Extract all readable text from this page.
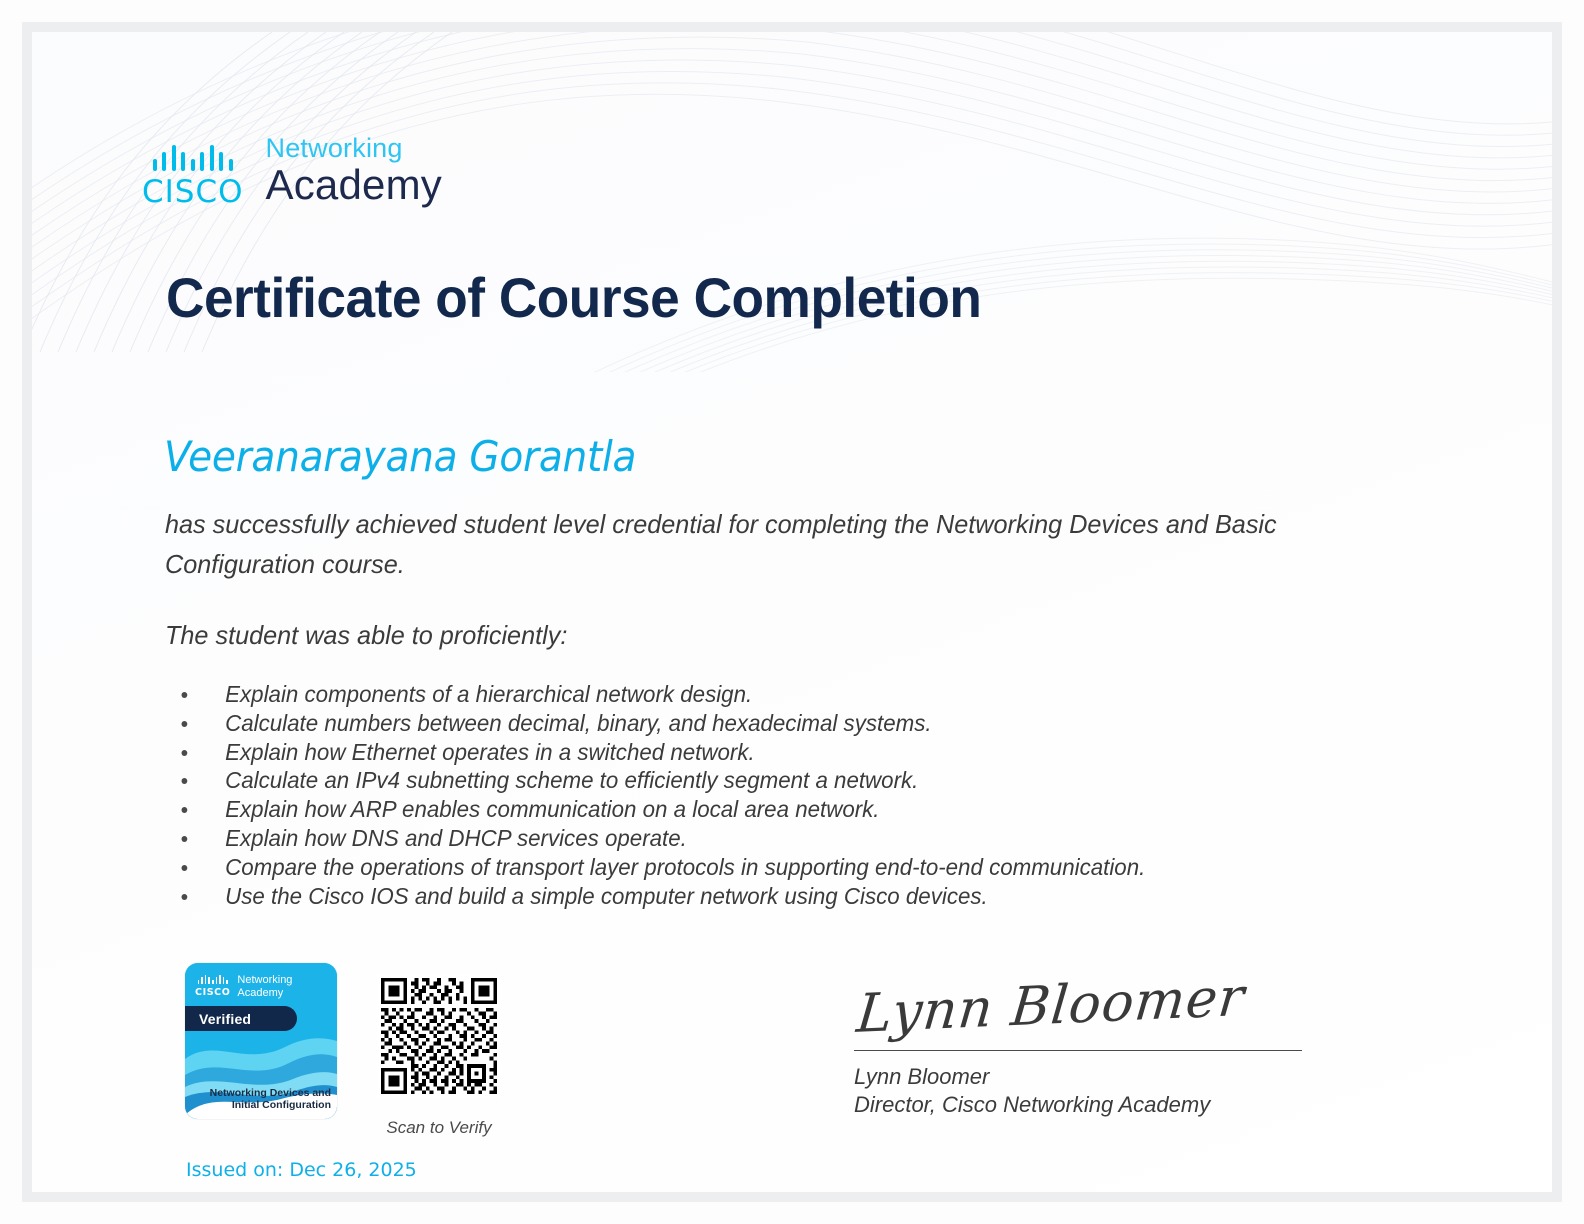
CISCO
Networking
Academy
Certificate of Course Completion
Veeranarayana Gorantla
has successfully achieved student level credential for completing the Networking Devices and Basic Configuration course.
The student was able to proficiently:
Explain components of a hierarchical network design.
Calculate numbers between decimal, binary, and hexadecimal systems.
Explain how Ethernet operates in a switched network.
Calculate an IPv4 subnetting scheme to efficiently segment a network.
Explain how ARP enables communication on a local area network.
Explain how DNS and DHCP services operate.
Compare the operations of transport layer protocols in supporting end-to-end communication.
Use the Cisco IOS and build a simple computer network using Cisco devices.
CISCO
Networking
Academy
Verified
Networking Devices and
Initial Configuration
Scan to Verify
Lynn Bloomer
Lynn Bloomer
Director, Cisco Networking Academy
Issued on: Dec 26, 2025
